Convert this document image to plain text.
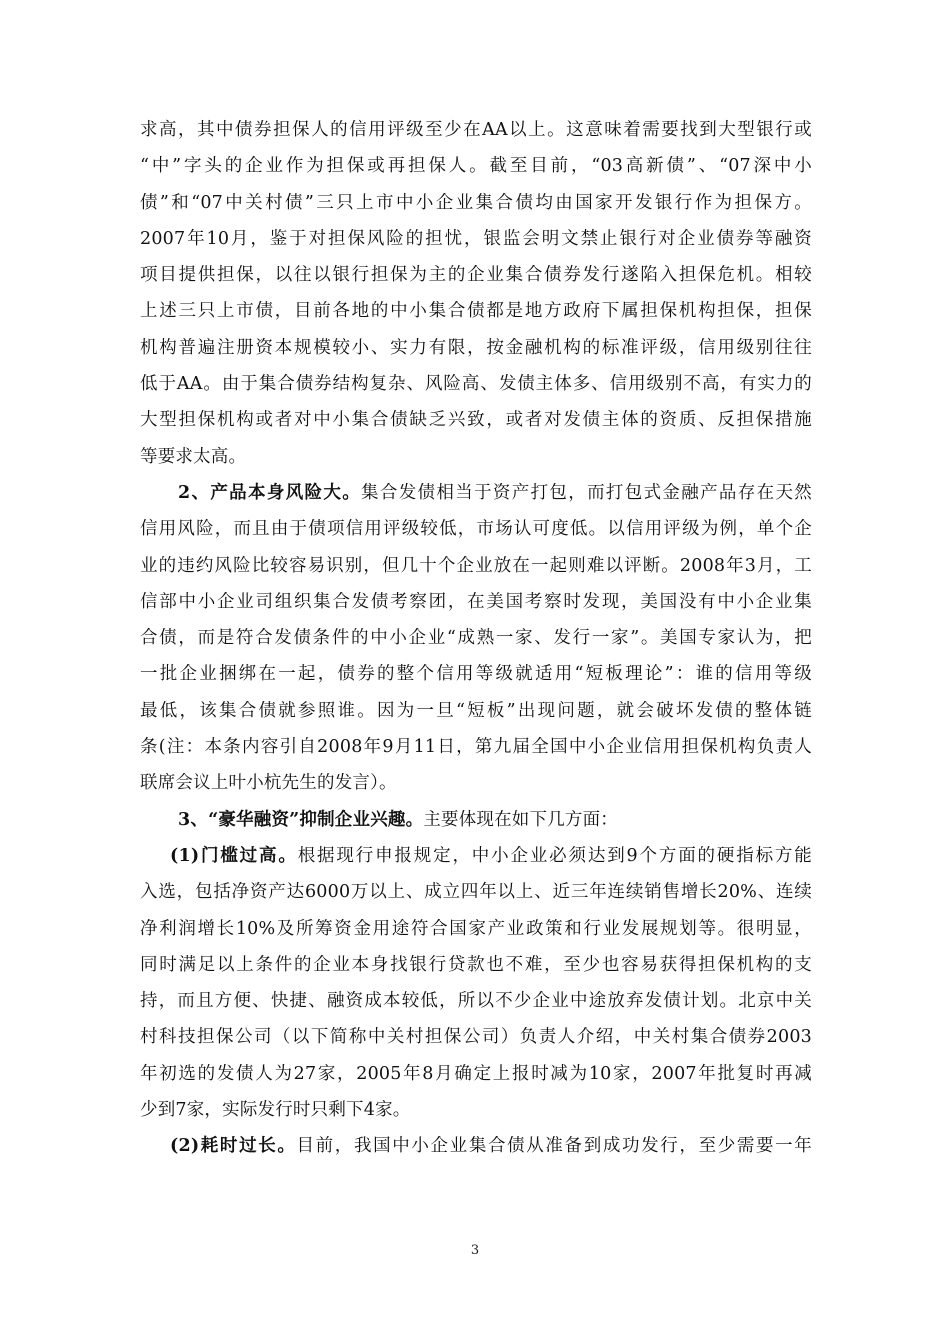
求高，其中债券担保人的信用评级至少在AA以上。这意味着需要找到大型银行或
“中”字头的企业作为担保或再担保人。截至目前，“03高新债”、“07深中小
债”和“07中关村债”三只上市中小企业集合债均由国家开发银行作为担保方。
2007年10月，鉴于对担保风险的担忧，银监会明文禁止银行对企业债券等融资
项目提供担保，以往以银行担保为主的企业集合债券发行遂陷入担保危机。相较
上述三只上市债，目前各地的中小集合债都是地方政府下属担保机构担保，担保
机构普遍注册资本规模较小、实力有限，按金融机构的标准评级，信用级别往往
低于AA。由于集合债券结构复杂、风险高、发债主体多、信用级别不高，有实力的
大型担保机构或者对中小集合债缺乏兴致，或者对发债主体的资质、反担保措施
等要求太高。
2、产品本身风险大。集合发债相当于资产打包，而打包式金融产品存在天然
信用风险，而且由于债项信用评级较低，市场认可度低。以信用评级为例，单个企
业的违约风险比较容易识别，但几十个企业放在一起则难以评断。2008年3月，工
信部中小企业司组织集合发债考察团，在美国考察时发现，美国没有中小企业集
合债，而是符合发债条件的中小企业“成熟一家、发行一家”。美国专家认为，把
一批企业捆绑在一起，债券的整个信用等级就适用“短板理论”：谁的信用等级
最低，该集合债就参照谁。因为一旦“短板”出现问题，就会破坏发债的整体链
条(注：本条内容引自2008年9月11日，第九届全国中小企业信用担保机构负责人
联席会议上叶小杭先生的发言）。
3、“豪华融资”抑制企业兴趣。主要体现在如下几方面：
(1)门槛过高。根据现行申报规定，中小企业必须达到9个方面的硬指标方能
入选，包括净资产达6000万以上、成立四年以上、近三年连续销售增长20%、连续
净利润增长10%及所筹资金用途符合国家产业政策和行业发展规划等。很明显，
同时满足以上条件的企业本身找银行贷款也不难，至少也容易获得担保机构的支
持，而且方便、快捷、融资成本较低，所以不少企业中途放弃发债计划。北京中关
村科技担保公司（以下简称中关村担保公司）负责人介绍，中关村集合债券2003
年初选的发债人为27家，2005年8月确定上报时减为10家，2007年批复时再减
少到7家，实际发行时只剩下4家。
(2)耗时过长。目前，我国中小企业集合债从准备到成功发行，至少需要一年
3
